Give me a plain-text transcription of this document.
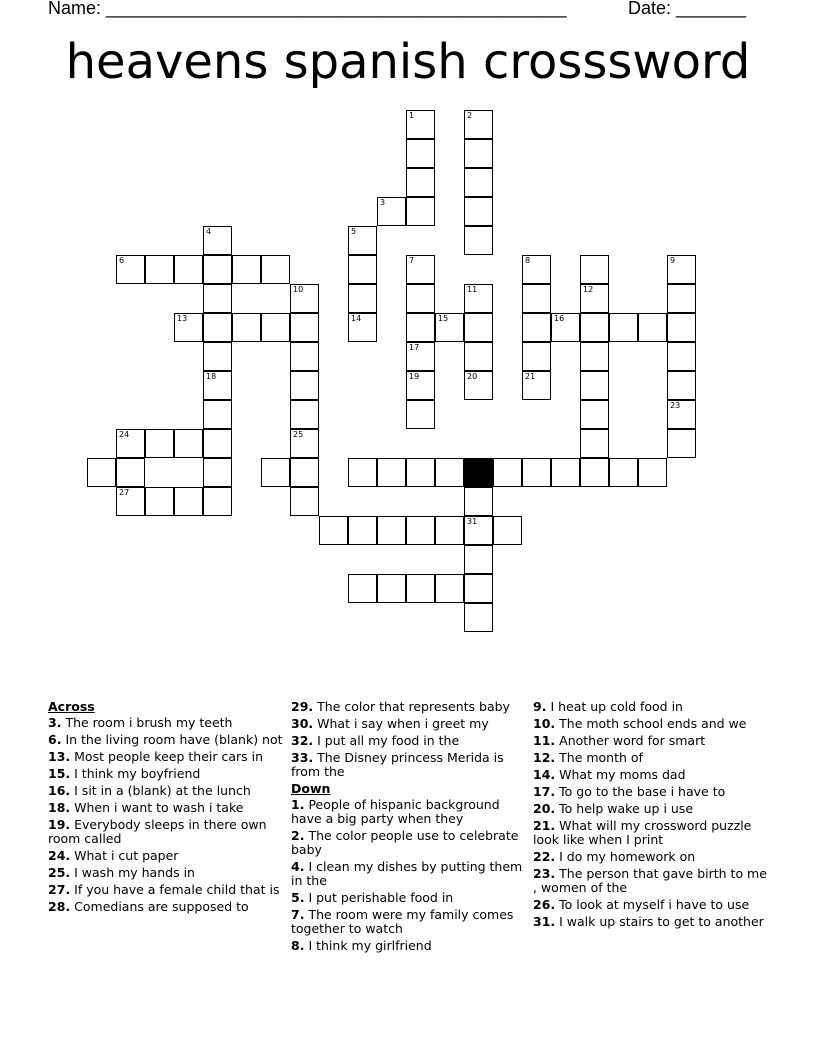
Name: ______________________________________________	Date: _______
heavens spanish crosssword
1	2
3
4
18
6
5
14
7
17
19
8
21
12
9
23
10
25
13
11
15	16
20
24
26
31
27
Across
3. The room i brush my teeth
6. In the living room have (blank) not
13. Most people keep their cars in
15. I think my boyfriend
16. I sit in a (blank) at the lunch
18. When i want to wash i take
19. Everybody sleeps in there own room called
24. What i cut paper
25. I wash my hands in
27. If you have a female child that is
28. Comedians are supposed to
29. The color that represents baby
30. What i say when i greet my
32. I put all my food in the
33. The Disney princess Merida is from the
Down
1. People of hispanic background have a big party when they
2. The color people use to celebrate baby
4. I clean my dishes by putting them in the
5. I put perishable food in
7. The room were my family comes together to watch
8. I think my girlfriend
9. I heat up cold food in
10. The moth school ends and we
11. Another word for smart
12. The month of
14. What my moms dad
17. To go to the base i have to
20. To help wake up i use
21. What will my crossword puzzle look like when I print
22. I do my homework on
23. The person that gave birth to me , women of the
26. To look at myself i have to use
31. I walk up stairs to get to another
